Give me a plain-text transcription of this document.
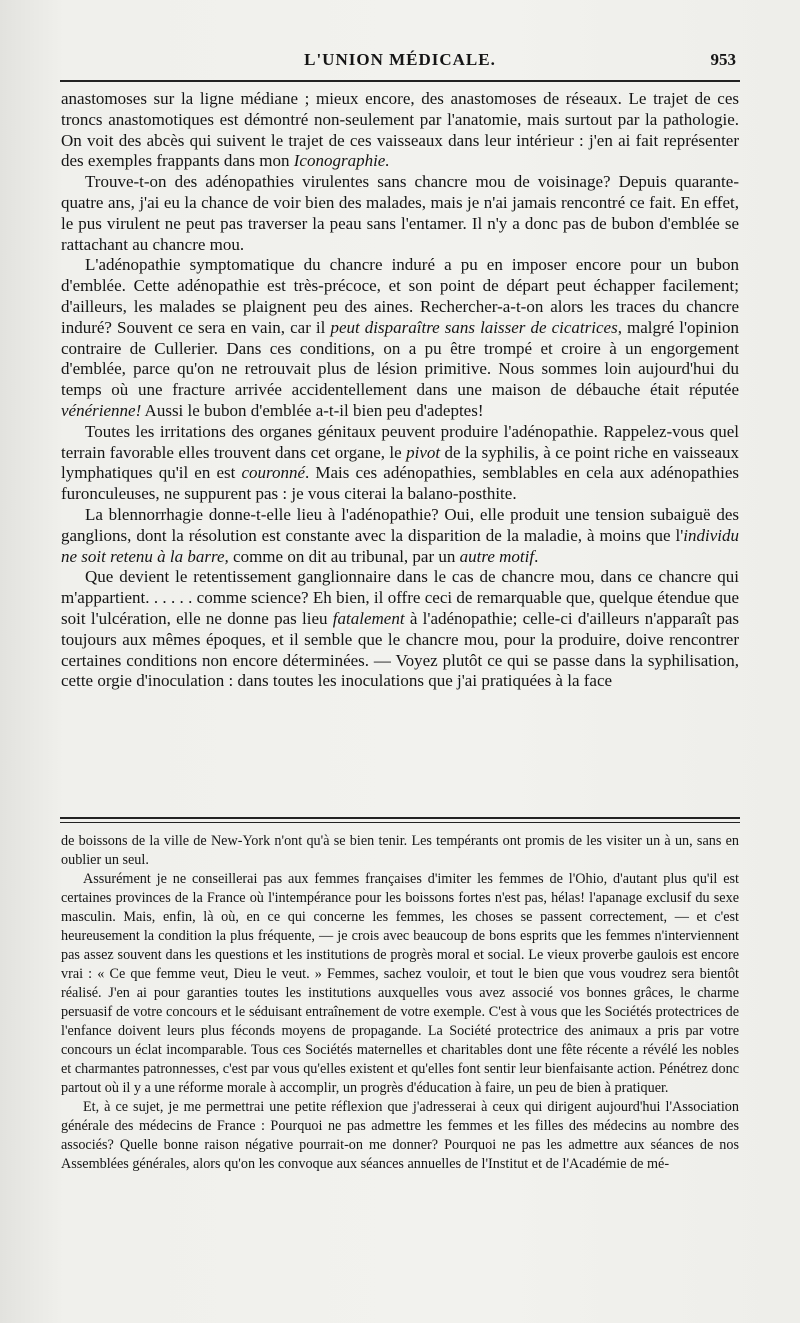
L'UNION MÉDICALE.	953

anastomoses sur la ligne médiane ; mieux encore, des anastomoses de réseaux. Le trajet de ces troncs anastomotiques est démontré non-seulement par l'anatomie, mais surtout par la pathologie. On voit des abcès qui suivent le trajet de ces vaisseaux dans leur intérieur : j'en ai fait représenter des exemples frappants dans mon Iconographie.

Trouve-t-on des adénopathies virulentes sans chancre mou de voisinage? Depuis quarante-quatre ans, j'ai eu la chance de voir bien des malades, mais je n'ai jamais rencontré ce fait. En effet, le pus virulent ne peut pas traverser la peau sans l'entamer. Il n'y a donc pas de bubon d'emblée se rattachant au chancre mou.

L'adénopathie symptomatique du chancre induré a pu en imposer encore pour un bubon d'emblée. Cette adénopathie est très-précoce, et son point de départ peut échapper facilement; d'ailleurs, les malades se plaignent peu des aines. Rechercher-a-t-on alors les traces du chancre induré? Souvent ce sera en vain, car il peut disparaître sans laisser de cicatrices, malgré l'opinion contraire de Cullerier. Dans ces conditions, on a pu être trompé et croire à un engorgement d'emblée, parce qu'on ne retrouvait plus de lésion primitive. Nous sommes loin aujourd'hui du temps où une fracture arrivée accidentellement dans une maison de débauche était réputée vénérienne! Aussi le bubon d'emblée a-t-il bien peu d'adeptes!

Toutes les irritations des organes génitaux peuvent produire l'adénopathie. Rappelez-vous quel terrain favorable elles trouvent dans cet organe, le pivot de la syphilis, à ce point riche en vaisseaux lymphatiques qu'il en est couronné. Mais ces adénopathies, semblables en cela aux adénopathies furonculeuses, ne suppurent pas : je vous citerai la balano-posthite.

La blennorrhagie donne-t-elle lieu à l'adénopathie? Oui, elle produit une tension subaiguë des ganglions, dont la résolution est constante avec la disparition de la maladie, à moins que l'individu ne soit retenu à la barre, comme on dit au tribunal, par un autre motif.

Que devient le retentissement ganglionnaire dans le cas de chancre mou, dans ce chancre qui m'appartient. . . . . . comme science? Eh bien, il offre ceci de remarquable que, quelque étendue que soit l'ulcération, elle ne donne pas lieu fatalement à l'adénopathie; celle-ci d'ailleurs n'apparaît pas toujours aux mêmes époques, et il semble que le chancre mou, pour la produire, doive rencontrer certaines conditions non encore déterminées. — Voyez plutôt ce qui se passe dans la syphilisation, cette orgie d'inoculation : dans toutes les inoculations que j'ai pratiquées à la face

de boissons de la ville de New-York n'ont qu'à se bien tenir. Les tempérants ont promis de les visiter un à un, sans en oublier un seul.

Assurément je ne conseillerai pas aux femmes françaises d'imiter les femmes de l'Ohio, d'autant plus qu'il est certaines provinces de la France où l'intempérance pour les boissons fortes n'est pas, hélas! l'apanage exclusif du sexe masculin. Mais, enfin, là où, en ce qui concerne les femmes, les choses se passent correctement, — et c'est heureusement la condition la plus fréquente, — je crois avec beaucoup de bons esprits que les femmes n'interviennent pas assez souvent dans les questions et les institutions de progrès moral et social. Le vieux proverbe gaulois est encore vrai : « Ce que femme veut, Dieu le veut. » Femmes, sachez vouloir, et tout le bien que vous voudrez sera bientôt réalisé. J'en ai pour garanties toutes les institutions auxquelles vous avez associé vos bonnes grâces, le charme persuasif de votre concours et le séduisant entraînement de votre exemple. C'est à vous que les Sociétés protectrices de l'enfance doivent leurs plus féconds moyens de propagande. La Société protectrice des animaux a pris par votre concours un éclat incomparable. Tous ces Sociétés maternelles et charitables dont une fête récente a révélé les nobles et charmantes patronnesses, c'est par vous qu'elles existent et qu'elles font sentir leur bienfaisante action. Pénétrez donc partout où il y a une réforme morale à accomplir, un progrès d'éducation à faire, un peu de bien à pratiquer.

Et, à ce sujet, je me permettrai une petite réflexion que j'adresserai à ceux qui dirigent aujourd'hui l'Association générale des médecins de France : Pourquoi ne pas admettre les femmes et les filles des médecins au nombre des associés? Quelle bonne raison négative pourrait-on me donner? Pourquoi ne pas les admettre aux séances de nos Assemblées générales, alors qu'on les convoque aux séances annuelles de l'Institut et de l'Académie de mé-
